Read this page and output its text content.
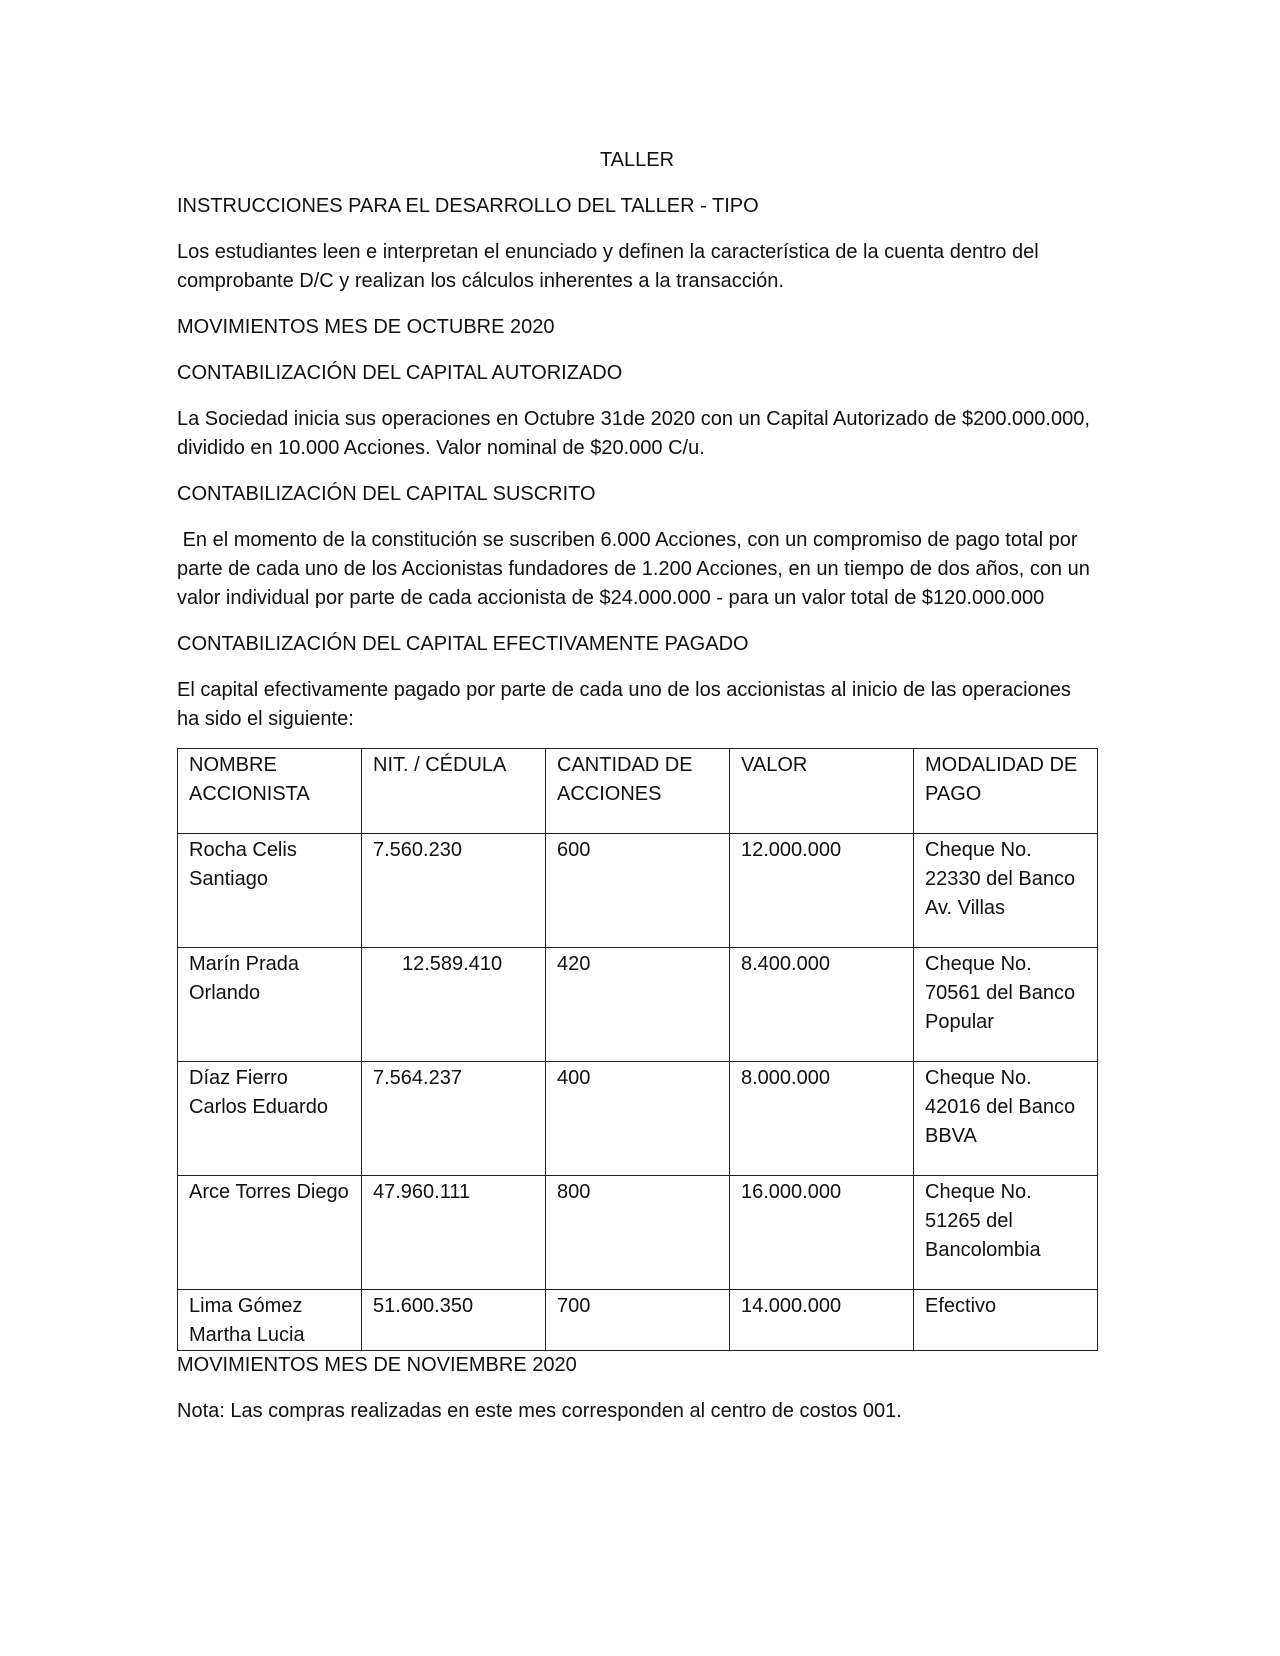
TALLER
INSTRUCCIONES PARA EL DESARROLLO DEL TALLER - TIPO

Los estudiantes leen e interpretan el enunciado y definen la característica de la cuenta dentro del comprobante D/C y realizan los cálculos inherentes a la transacción.

MOVIMIENTOS MES DE OCTUBRE 2020
CONTABILIZACIÓN DEL CAPITAL AUTORIZADO

La Sociedad inicia sus operaciones en Octubre 31de 2020 con un Capital Autorizado de $200.000.000, dividido en 10.000 Acciones. Valor nominal de $20.000 C/u.

CONTABILIZACIÓN DEL CAPITAL SUSCRITO

En el momento de la constitución se suscriben 6.000 Acciones, con un compromiso de pago total por parte de cada uno de los Accionistas fundadores de 1.200 Acciones, en un tiempo de dos años, con un valor individual por parte de cada accionista de $24.000.000 - para un valor total de $120.000.000

CONTABILIZACIÓN DEL CAPITAL EFECTIVAMENTE PAGADO

El capital efectivamente pagado por parte de cada uno de los accionistas al inicio de las operaciones ha sido el siguiente:

NOMBRE ACCIONISTA	NIT. / CÉDULA	CANTIDAD DE ACCIONES	VALOR	MODALIDAD DE PAGO
Rocha Celis Santiago	7.560.230	600	12.000.000	Cheque No. 22330 del Banco Av. Villas
Marín Prada Orlando	12.589.410	420	8.400.000	Cheque No. 70561 del Banco Popular
Díaz Fierro Carlos Eduardo	7.564.237	400	8.000.000	Cheque No. 42016 del Banco BBVA
Arce Torres Diego	47.960.111	800	16.000.000	Cheque No. 51265 del Bancolombia
Lima Gómez Martha Lucia	51.600.350	700	14.000.000	Efectivo
MOVIMIENTOS MES DE NOVIEMBRE 2020

Nota: Las compras realizadas en este mes corresponden al centro de costos 001.
